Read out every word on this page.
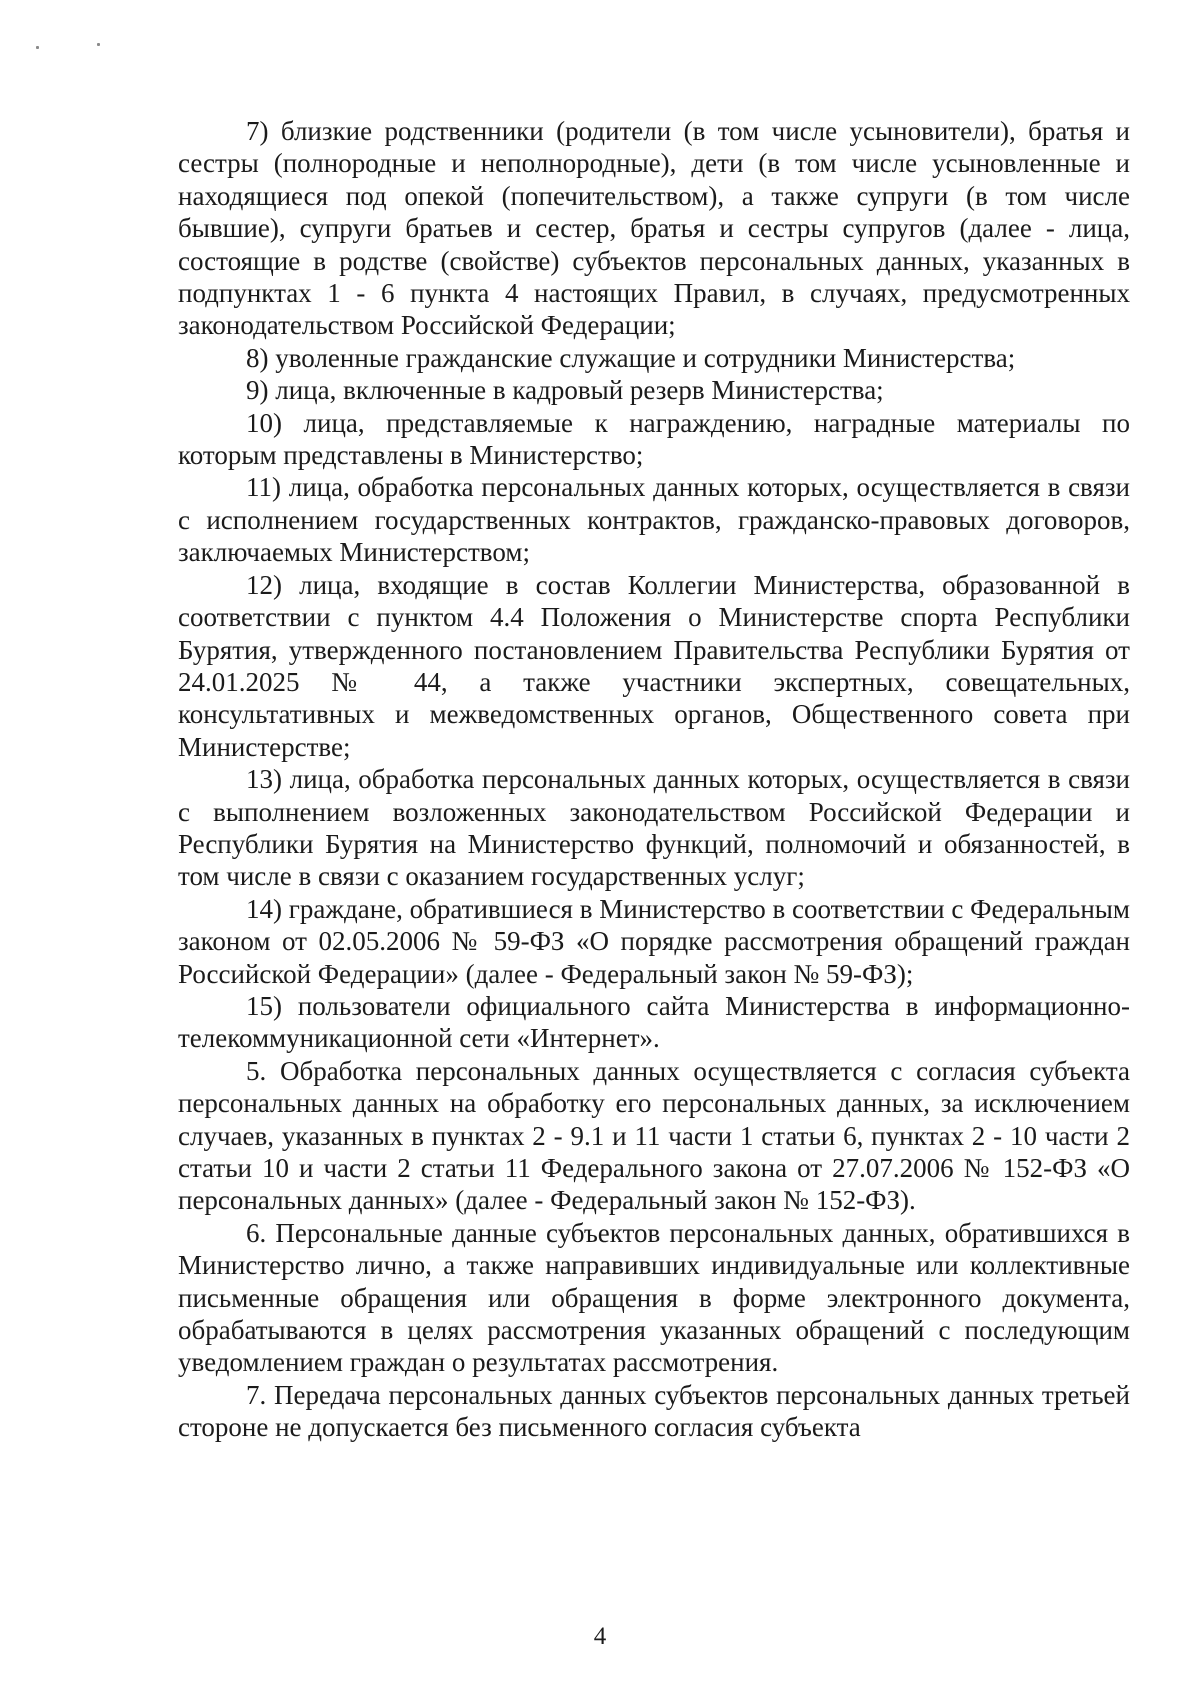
7) близкие родственники (родители (в том числе усыновители), братья и сестры (полнородные и неполнородные), дети (в том числе усыновленные и находящиеся под опекой (попечительством), а также супруги (в том числе бывшие), супруги братьев и сестер, братья и сестры супругов (далее - лица, состоящие в родстве (свойстве) субъектов персональных данных, указанных в подпунктах 1 - 6 пункта 4 настоящих Правил, в случаях, предусмотренных законодательством Российской Федерации;

8) уволенные гражданские служащие и сотрудники Министерства;

9) лица, включенные в кадровый резерв Министерства;

10) лица, представляемые к награждению, наградные материалы по которым представлены в Министерство;

11) лица, обработка персональных данных которых, осуществляется в связи с исполнением государственных контрактов, гражданско-правовых договоров, заключаемых Министерством;

12) лица, входящие в состав Коллегии Министерства, образованной в соответствии с пунктом 4.4 Положения о Министерстве спорта Республики Бурятия, утвержденного постановлением Правительства Республики Бурятия от 24.01.2025 № 44, а также участники экспертных, совещательных, консультативных и межведомственных органов, Общественного совета при Министерстве;

13) лица, обработка персональных данных которых, осуществляется в связи с выполнением возложенных законодательством Российской Федерации и Республики Бурятия на Министерство функций, полномочий и обязанностей, в том числе в связи с оказанием государственных услуг;

14) граждане, обратившиеся в Министерство в соответствии с Федеральным законом от 02.05.2006 № 59-ФЗ «О порядке рассмотрения обращений граждан Российской Федерации» (далее - Федеральный закон № 59-ФЗ);

15) пользователи официального сайта Министерства в информационно-телекоммуникационной сети «Интернет».

5. Обработка персональных данных осуществляется с согласия субъекта персональных данных на обработку его персональных данных, за исключением случаев, указанных в пунктах 2 - 9.1 и 11 части 1 статьи 6, пунктах 2 - 10 части 2 статьи 10 и части 2 статьи 11 Федерального закона от 27.07.2006 № 152-ФЗ «О персональных данных» (далее - Федеральный закон № 152-ФЗ).

6. Персональные данные субъектов персональных данных, обратившихся в Министерство лично, а также направивших индивидуальные или коллективные письменные обращения или обращения в форме электронного документа, обрабатываются в целях рассмотрения указанных обращений с последующим уведомлением граждан о результатах рассмотрения.

7. Передача персональных данных субъектов персональных данных третьей стороне не допускается без письменного согласия субъекта

4
